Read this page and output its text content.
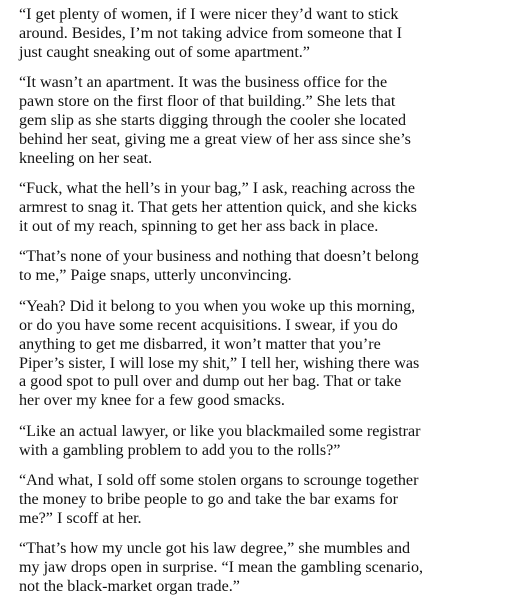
“I get plenty of women, if I were nicer they’d want to stick
around. Besides, I’m not taking advice from someone that I
just caught sneaking out of some apartment.”

“It wasn’t an apartment. It was the business office for the
pawn store on the first floor of that building.” She lets that
gem slip as she starts digging through the cooler she located
behind her seat, giving me a great view of her ass since she’s
kneeling on her seat.

“Fuck, what the hell’s in your bag,” I ask, reaching across the
armrest to snag it. That gets her attention quick, and she kicks
it out of my reach, spinning to get her ass back in place.

“That’s none of your business and nothing that doesn’t belong
to me,” Paige snaps, utterly unconvincing.

“Yeah? Did it belong to you when you woke up this morning,
or do you have some recent acquisitions. I swear, if you do
anything to get me disbarred, it won’t matter that you’re
Piper’s sister, I will lose my shit,” I tell her, wishing there was
a good spot to pull over and dump out her bag. That or take
her over my knee for a few good smacks.

“Like an actual lawyer, or like you blackmailed some registrar
with a gambling problem to add you to the rolls?”

“And what, I sold off some stolen organs to scrounge together
the money to bribe people to go and take the bar exams for
me?” I scoff at her.

“That’s how my uncle got his law degree,” she mumbles and
my jaw drops open in surprise. “I mean the gambling scenario,
not the black-market organ trade.”
